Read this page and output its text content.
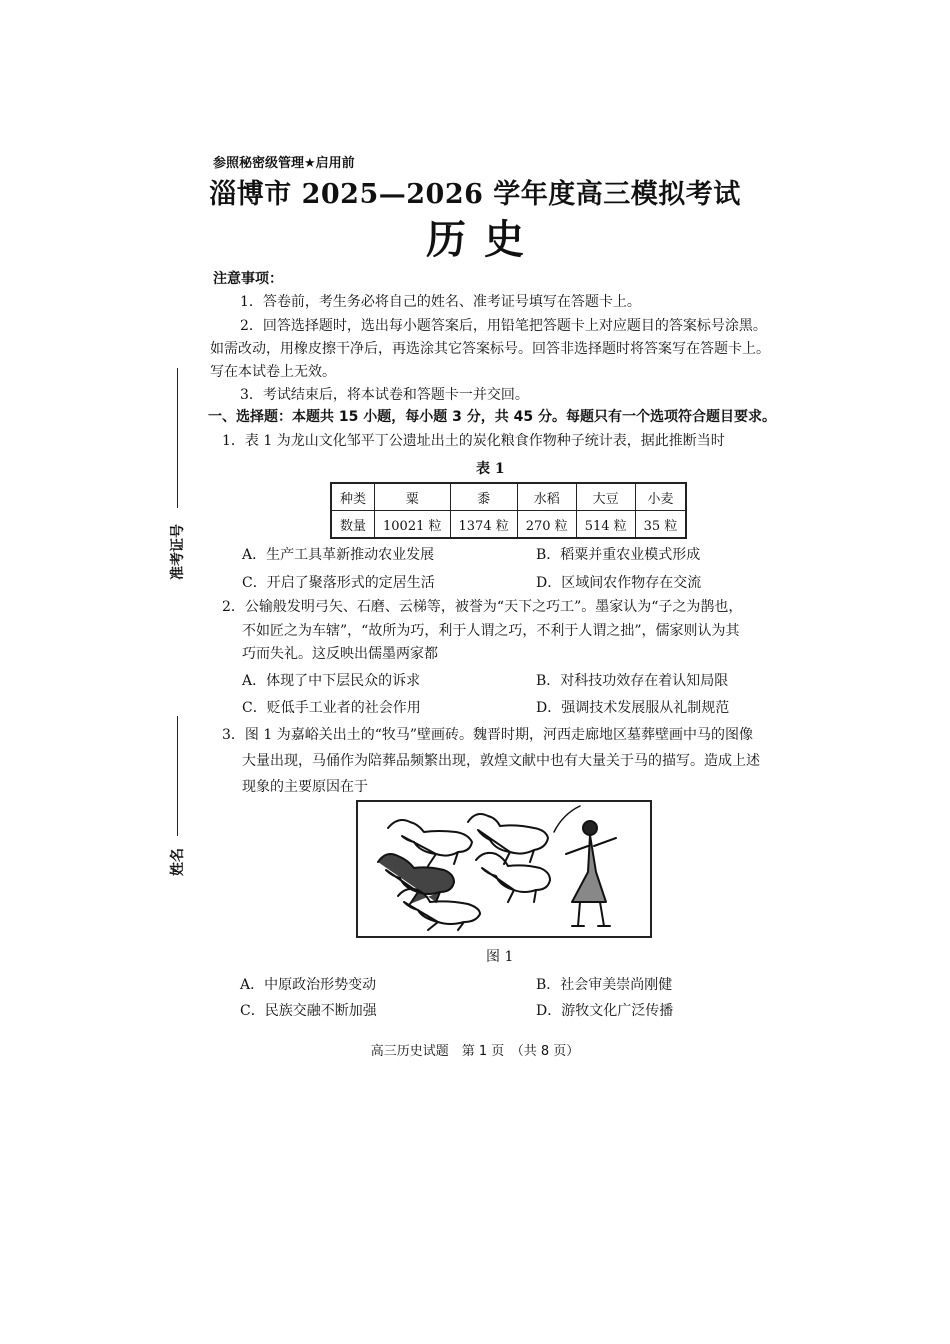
参照秘密级管理★启用前
淄博市 2025—2026 学年度高三模拟考试
历史
准考证号
姓名
注意事项：
1．答卷前，考生务必将自己的姓名、准考证号填写在答题卡上。
2．回答选择题时，选出每小题答案后，用铅笔把答题卡上对应题目的答案标号涂黑。
如需改动，用橡皮擦干净后，再选涂其它答案标号。回答非选择题时将答案写在答题卡上。
写在本试卷上无效。
3．考试结束后，将本试卷和答题卡一并交回。
一、选择题：本题共 15 小题，每小题 3 分，共 45 分。每题只有一个选项符合题目要求。
1．表 1 为龙山文化邹平丁公遗址出土的炭化粮食作物种子统计表，据此推断当时
表 1
种类	粟	黍	水稻	大豆	小麦
数量	10021 粒	1374 粒	270 粒	514 粒	35 粒
A．生产工具革新推动农业发展	B．稻粟并重农业模式形成
C．开启了聚落形式的定居生活	D．区域间农作物存在交流
2．公输般发明弓矢、石磨、云梯等，被誉为“天下之巧工”。墨家认为“子之为鹊也，
不如匠之为车辖”，“故所为巧，利于人谓之巧，不利于人谓之拙”，儒家则认为其
巧而失礼。这反映出儒墨两家都
A．体现了中下层民众的诉求	B．对科技功效存在着认知局限
C．贬低手工业者的社会作用	D．强调技术发展服从礼制规范
3．图 1 为嘉峪关出土的“牧马”壁画砖。魏晋时期，河西走廊地区墓葬壁画中马的图像
大量出现，马俑作为陪葬品频繁出现，敦煌文献中也有大量关于马的描写。造成上述
现象的主要原因在于
图 1
A．中原政治形势变动	B．社会审美崇尚刚健
C．民族交融不断加强	D．游牧文化广泛传播
高三历史试题　第 1 页　（共 8 页）
